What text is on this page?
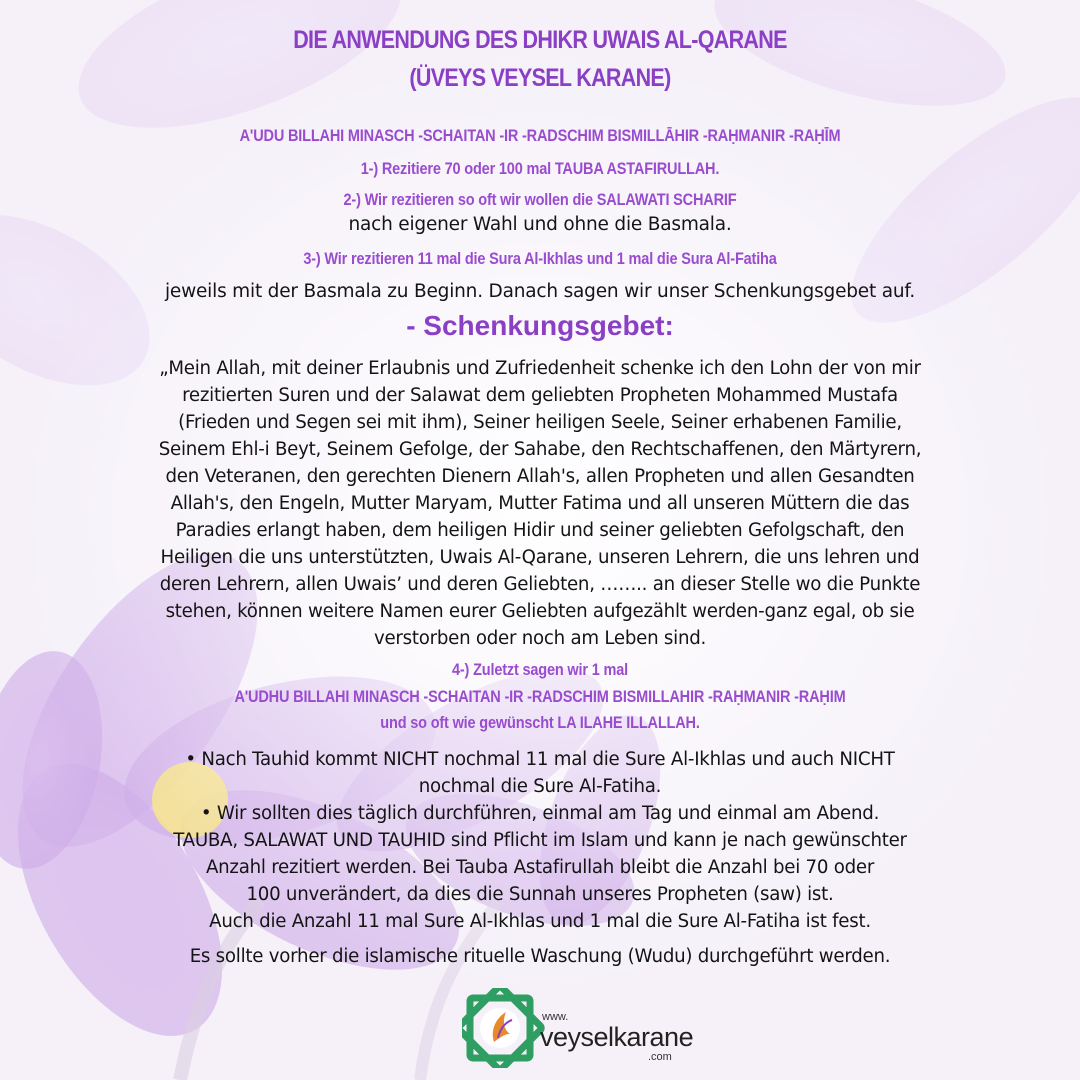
DIE ANWENDUNG DES DHIKR UWAIS AL-QARANE
(ÜVEYS VEYSEL KARANE)
A'UDU BILLAHI MINASCH -SCHAITAN -IR -RADSCHIM BISMILLĀHIR -RAḤMANIR -RAḤĪM
1-) Rezitiere 70 oder 100 mal TAUBA ASTAFIRULLAH.
2-) Wir rezitieren so oft wir wollen die SALAWATI SCHARIF
nach eigener Wahl und ohne die Basmala.
3-) Wir rezitieren 11 mal die Sura Al-Ikhlas und 1 mal die Sura Al-Fatiha
jeweils mit der Basmala zu Beginn. Danach sagen wir unser Schenkungsgebet auf.
- Schenkungsgebet:
„Mein Allah, mit deiner Erlaubnis und Zufriedenheit schenke ich den Lohn der von mir
rezitierten Suren und der Salawat dem geliebten Propheten Mohammed Mustafa
(Frieden und Segen sei mit ihm), Seiner heiligen Seele, Seiner erhabenen Familie,
Seinem Ehl-i Beyt, Seinem Gefolge, der Sahabe, den Rechtschaffenen, den Märtyrern,
den Veteranen, den gerechten Dienern Allah's, allen Propheten und allen Gesandten
Allah's, den Engeln, Mutter Maryam, Mutter Fatima und all unseren Müttern die das
Paradies erlangt haben, dem heiligen Hidir und seiner geliebten Gefolgschaft, den
Heiligen die uns unterstützten, Uwais Al-Qarane, unseren Lehrern, die uns lehren und
deren Lehrern, allen Uwais’ und deren Geliebten, …….. an dieser Stelle wo die Punkte
stehen, können weitere Namen eurer Geliebten aufgezählt werden-ganz egal, ob sie
verstorben oder noch am Leben sind.
4-) Zuletzt sagen wir 1 mal
A'UDHU BILLAHI MINASCH -SCHAITAN -IR -RADSCHIM BISMILLAHIR -RAḤMANIR -RAḤIM
und so oft wie gewünscht LA ILAHE ILLALLAH.
• Nach Tauhid kommt NICHT nochmal 11 mal die Sure Al-Ikhlas und auch NICHT
nochmal die Sure Al-Fatiha.
• Wir sollten dies täglich durchführen, einmal am Tag und einmal am Abend.
TAUBA, SALAWAT UND TAUHID sind Pflicht im Islam und kann je nach gewünschter
Anzahl rezitiert werden. Bei Tauba Astafirullah bleibt die Anzahl bei 70 oder
100 unverändert, da dies die Sunnah unseres Propheten (saw) ist.
Auch die Anzahl 11 mal Sure Al-Ikhlas und 1 mal die Sure Al-Fatiha ist fest.
Es sollte vorher die islamische rituelle Waschung (Wudu) durchgeführt werden.
www.
veyselkarane
.com
